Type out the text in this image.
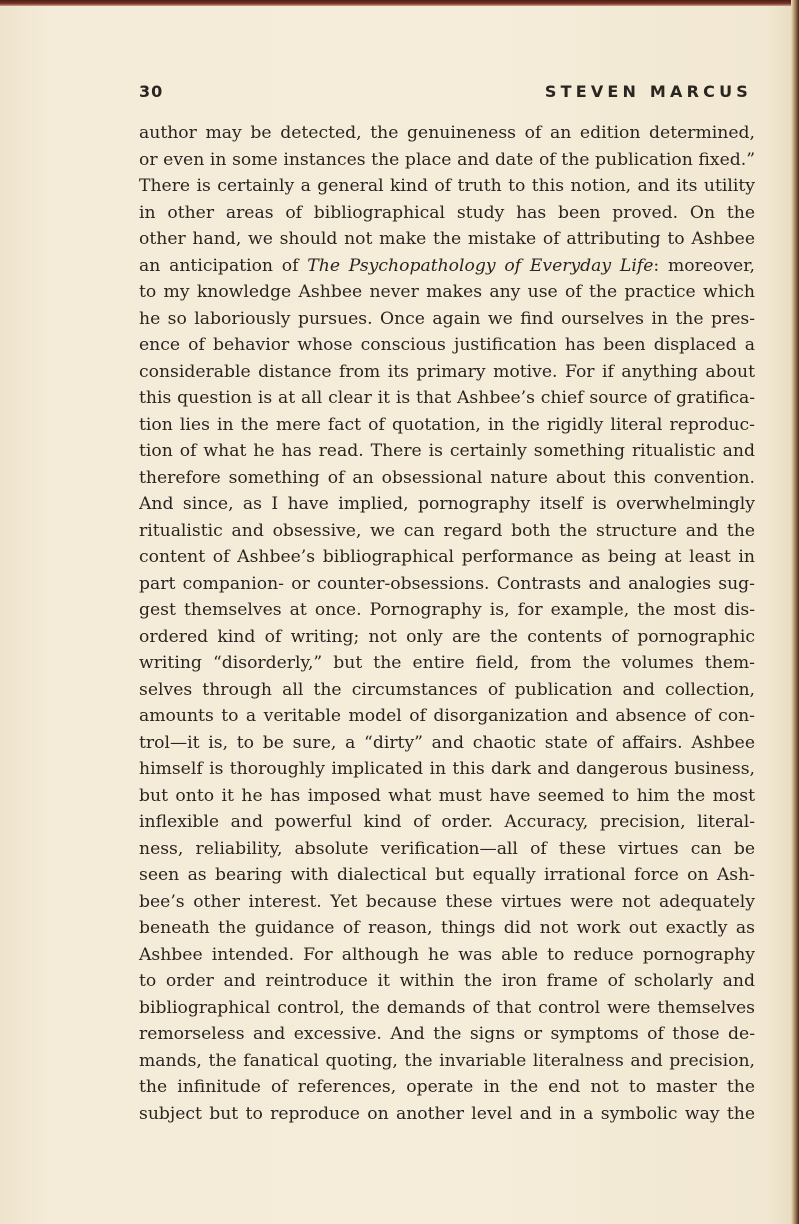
30	STEVEN MARCUS
author may be detected, the genuineness of an edition determined,
or even in some instances the place and date of the publication fixed.”
There is certainly a general kind of truth to this notion, and its utility
in other areas of bibliographical study has been proved. On the
other hand, we should not make the mistake of attributing to Ashbee
an anticipation of The Psychopathology of Everyday Life: moreover,
to my knowledge Ashbee never makes any use of the practice which
he so laboriously pursues. Once again we find ourselves in the pres-
ence of behavior whose conscious justification has been displaced a
considerable distance from its primary motive. For if anything about
this question is at all clear it is that Ashbee’s chief source of gratifica-
tion lies in the mere fact of quotation, in the rigidly literal reproduc-
tion of what he has read. There is certainly something ritualistic and
therefore something of an obsessional nature about this convention.
And since, as I have implied, pornography itself is overwhelmingly
ritualistic and obsessive, we can regard both the structure and the
content of Ashbee’s bibliographical performance as being at least in
part companion- or counter-obsessions. Contrasts and analogies sug-
gest themselves at once. Pornography is, for example, the most dis-
ordered kind of writing; not only are the contents of pornographic
writing “disorderly,” but the entire field, from the volumes them-
selves through all the circumstances of publication and collection,
amounts to a veritable model of disorganization and absence of con-
trol—it is, to be sure, a “dirty” and chaotic state of affairs. Ashbee
himself is thoroughly implicated in this dark and dangerous business,
but onto it he has imposed what must have seemed to him the most
inflexible and powerful kind of order. Accuracy, precision, literal-
ness, reliability, absolute verification—all of these virtues can be
seen as bearing with dialectical but equally irrational force on Ash-
bee’s other interest. Yet because these virtues were not adequately
beneath the guidance of reason, things did not work out exactly as
Ashbee intended. For although he was able to reduce pornography
to order and reintroduce it within the iron frame of scholarly and
bibliographical control, the demands of that control were themselves
remorseless and excessive. And the signs or symptoms of those de-
mands, the fanatical quoting, the invariable literalness and precision,
the infinitude of references, operate in the end not to master the
subject but to reproduce on another level and in a symbolic way the
